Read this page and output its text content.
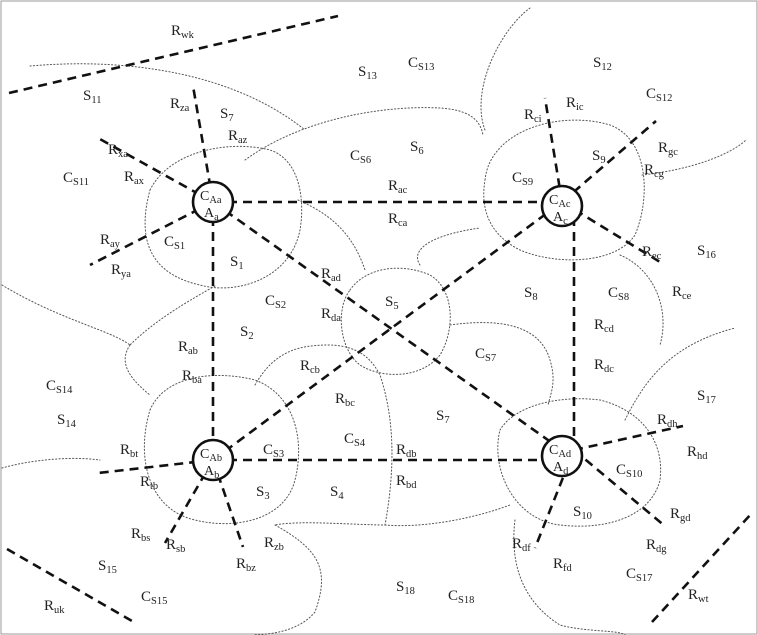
$C_{Aa}$
$A_a$
$C_{Ab}$
$A_b$
$C_{Ac}$
$A_c$
$C_{Ad}$
$A_d$
$R_{wk}$
$R_{za}$
$R_{az}$
$R_{xa}$
$R_{ax}$
$R_{ay}$
$R_{ya}$
$R_{ac}$
$R_{ca}$
$R_{ad}$
$R_{da}$
$R_{ab}$
$R_{ba}$
$R_{cb}$
$R_{bc}$
$R_{db}$
$R_{bd}$
$R_{bt}$
$R_{tb}$
$R_{bs}$ $R_{sb}$
$R_{bz}$
$R_{zb}$
$R_{ci}$
$R_{ic}$
$R_{gc}$
$R_{cg}$
$R_{ec}$
$R_{ce}$
$R_{cd}$
$R_{dc}$
$R_{dh}$
$R_{hd}$
$R_{gd}$
$R_{dg}$
$R_{df}$
$R_{fd}$
$R_{wt}$
$R_{uk}$
$S_{11}$
$C_{S11}$
$S_{13}$
$C_{S13}$	$S_{12}$
$C_{S12}$
$S_7$
$C_{S6}$
$S_6$
$C_{S9}$
$S_9$
$C_{S1}$
$S_1$
$S_{16}$
$C_{S2}$
$S_2$
$S_5$
$S_8$	$C_{S8}$
$C_{S7}$
$C_{S14}$
$S_{14}$
$C_{S3}$
$C_{S4}$
$S_7$
$S_{17}$
$C_{S10}$
$S_3$	$S_4$
$S_{10}$
$S_{15}$
$C_{S15}$
$S_{18}$ $C_{S18}$
$C_{S17}$
